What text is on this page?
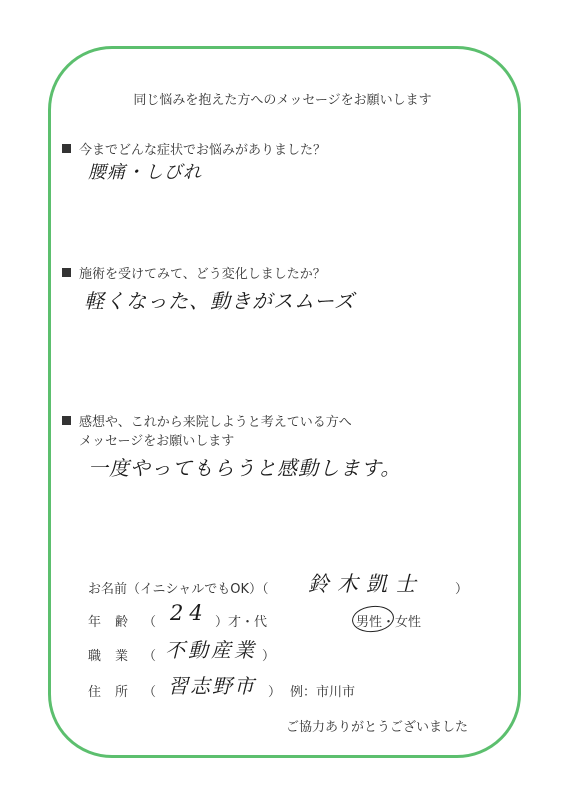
同じ悩みを抱えた方へのメッセージをお願いします
今までどんな症状でお悩みがありました？
腰痛・しびれ
施術を受けてみて、どう変化しましたか？
軽くなった、動きがスムーズ
感想や、これから来院しようと考えている方へ
メッセージをお願いします
一度やってもらうと感動します。
お名前（イニシャルでもOK）（ 鈴木凱士 ）
年齢 （ 24 ）才・代	男性・女性
職業 （ 不動産業 ）
住所 （ 習志野市 ） 例：市川市
ご協力ありがとうございました
